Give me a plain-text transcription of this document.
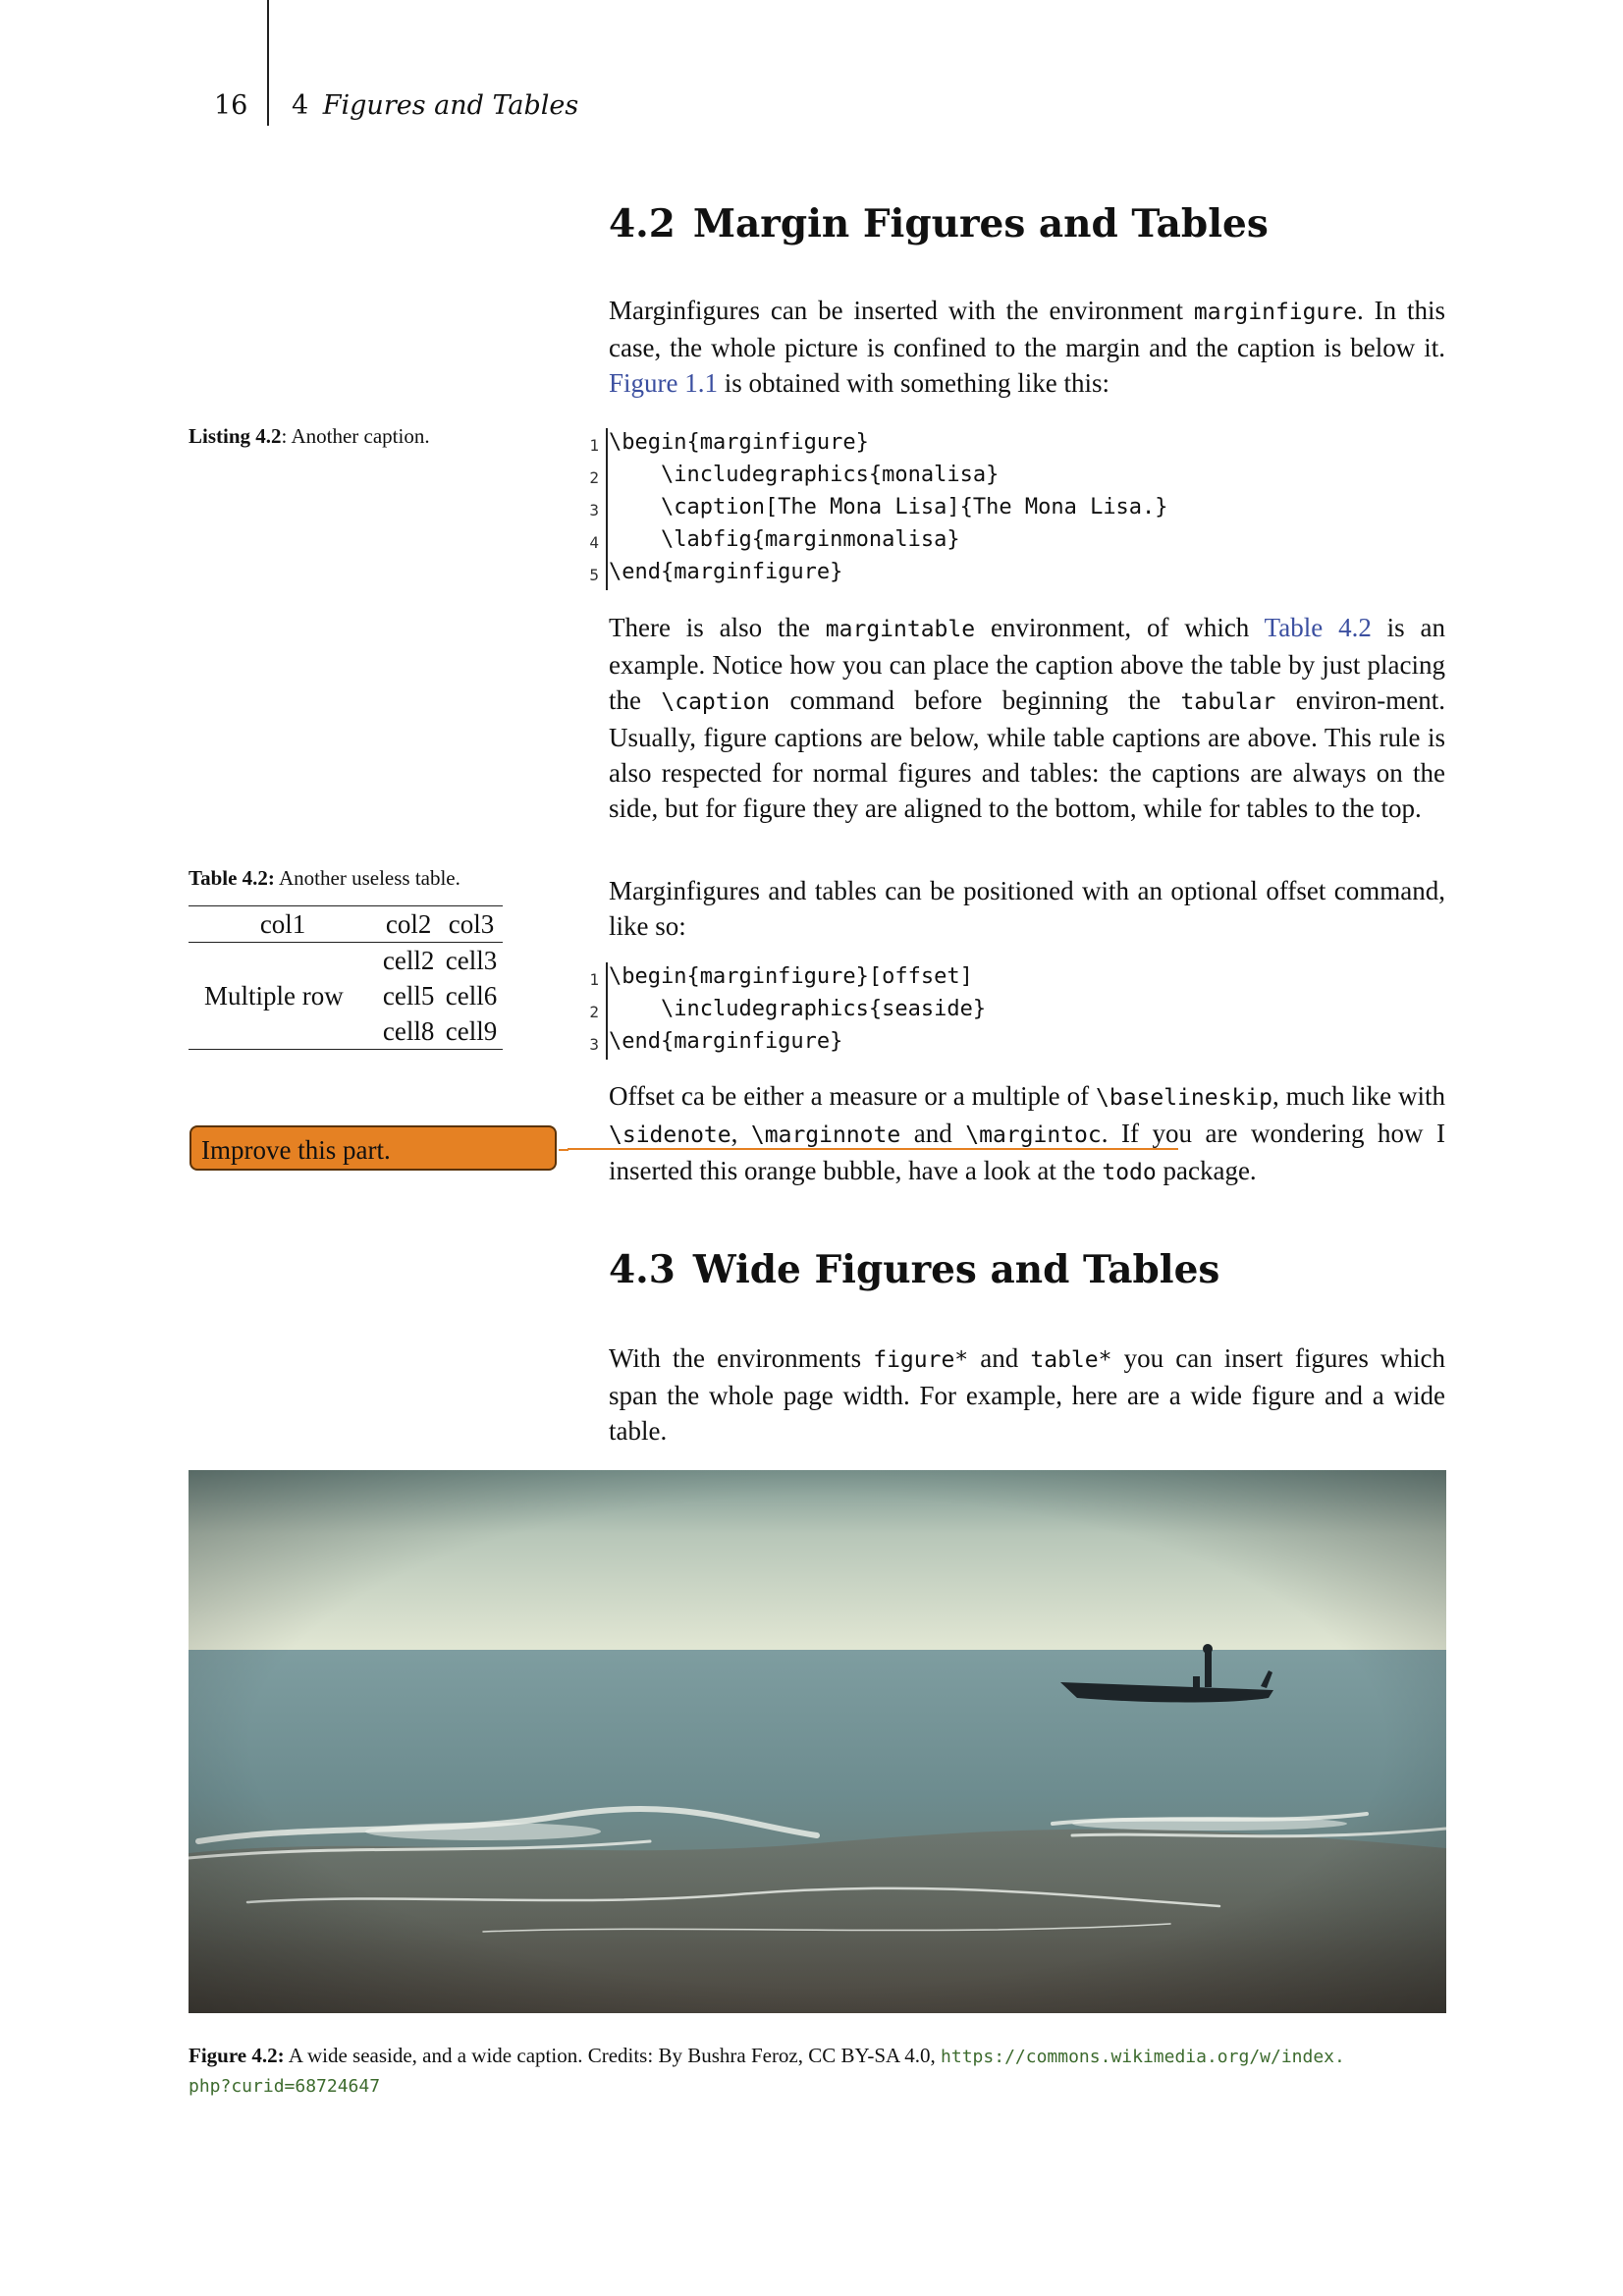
16 4 Figures and Tables
4.2 Margin Figures and Tables
Marginfigures can be inserted with the environment marginfigure. In this case, the whole picture is confined to the margin and the caption is below it. Figure 1.1 is obtained with something like this:
Listing 4.2: Another caption.	1 \begin{marginfigure}
2 \includegraphics{monalisa}
3 \caption[The Mona Lisa]{The Mona Lisa.}
4 \labfig{marginmonalisa}
5 \end{marginfigure}
There is also the margintable environment, of which Table 4.2 is an example. Notice how you can place the caption above the table by just placing the \caption command before beginning the tabular environ-ment. Usually, figure captions are below, while table captions are above. This rule is also respected for normal figures and tables: the captions are always on the side, but for figure they are aligned to the bottom, while for tables to the top.
Table 4.2: Another useless table.
col1	col2	col3
Multiple row	cell2	cell3
	cell5	cell6
	cell8	cell9
Marginfigures and tables can be positioned with an optional offset command, like so:
1 \begin{marginfigure}[offset]
2 \includegraphics{seaside}
3 \end{marginfigure}
Offset ca be either a measure or a multiple of \baselineskip, much like with \sidenote, \marginnote and \margintoc. If you are wondering how I inserted this orange bubble, have a look at the todo package.
Improve this part.
4.3 Wide Figures and Tables
With the environments figure* and table* you can insert figures which span the whole page width. For example, here are a wide figure and a wide table.
Figure 4.2: A wide seaside, and a wide caption. Credits: By Bushra Feroz, CC BY-SA 4.0, https://commons.wikimedia.org/w/index.
php?curid=68724647
